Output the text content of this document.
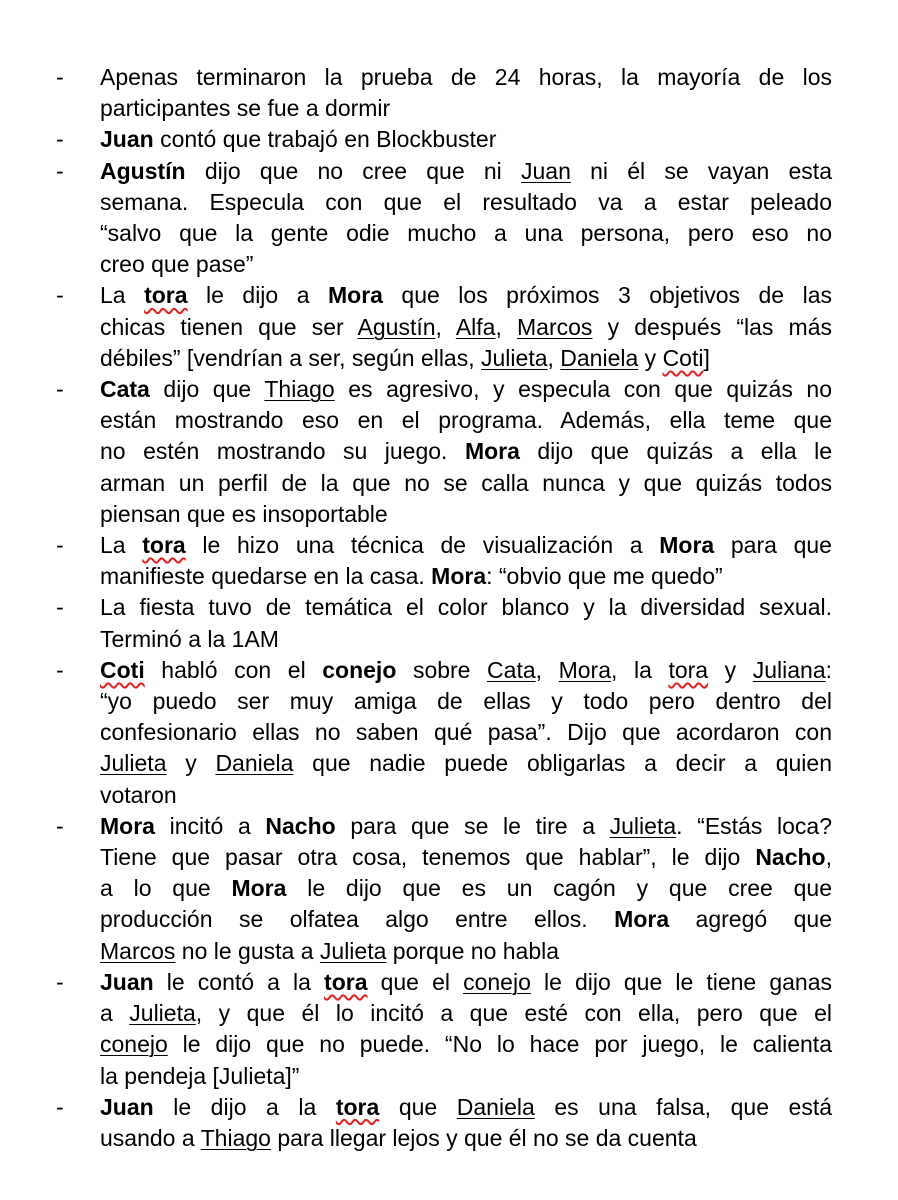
-	Apenas terminaron la prueba de 24 horas, la mayoría de los
participantes se fue a dormir
-	Juan contó que trabajó en Blockbuster
-	Agustín dijo que no cree que ni Juan ni él se vayan esta
semana. Especula con que el resultado va a estar peleado
“salvo que la gente odie mucho a una persona, pero eso no
creo que pase”
-	La tora le dijo a Mora que los próximos 3 objetivos de las
chicas tienen que ser Agustín, Alfa, Marcos y después “las más
débiles” [vendrían a ser, según ellas, Julieta, Daniela y Coti]
-	Cata dijo que Thiago es agresivo, y especula con que quizás no
están mostrando eso en el programa. Además, ella teme que
no estén mostrando su juego. Mora dijo que quizás a ella le
arman un perfil de la que no se calla nunca y que quizás todos
piensan que es insoportable
-	La tora le hizo una técnica de visualización a Mora para que
manifieste quedarse en la casa. Mora: “obvio que me quedo”
-	La fiesta tuvo de temática el color blanco y la diversidad sexual.
Terminó a la 1AM
-	Coti habló con el conejo sobre Cata, Mora, la tora y Juliana:
“yo puedo ser muy amiga de ellas y todo pero dentro del
confesionario ellas no saben qué pasa”. Dijo que acordaron con
Julieta y Daniela que nadie puede obligarlas a decir a quien
votaron
-	Mora incitó a Nacho para que se le tire a Julieta. “Estás loca?
Tiene que pasar otra cosa, tenemos que hablar”, le dijo Nacho,
a lo que Mora le dijo que es un cagón y que cree que
producción se olfatea algo entre ellos. Mora agregó que
Marcos no le gusta a Julieta porque no habla
-	Juan le contó a la tora que el conejo le dijo que le tiene ganas
a Julieta, y que él lo incitó a que esté con ella, pero que el
conejo le dijo que no puede. “No lo hace por juego, le calienta
la pendeja [Julieta]”
-	Juan le dijo a la tora que Daniela es una falsa, que está
usando a Thiago para llegar lejos y que él no se da cuenta
